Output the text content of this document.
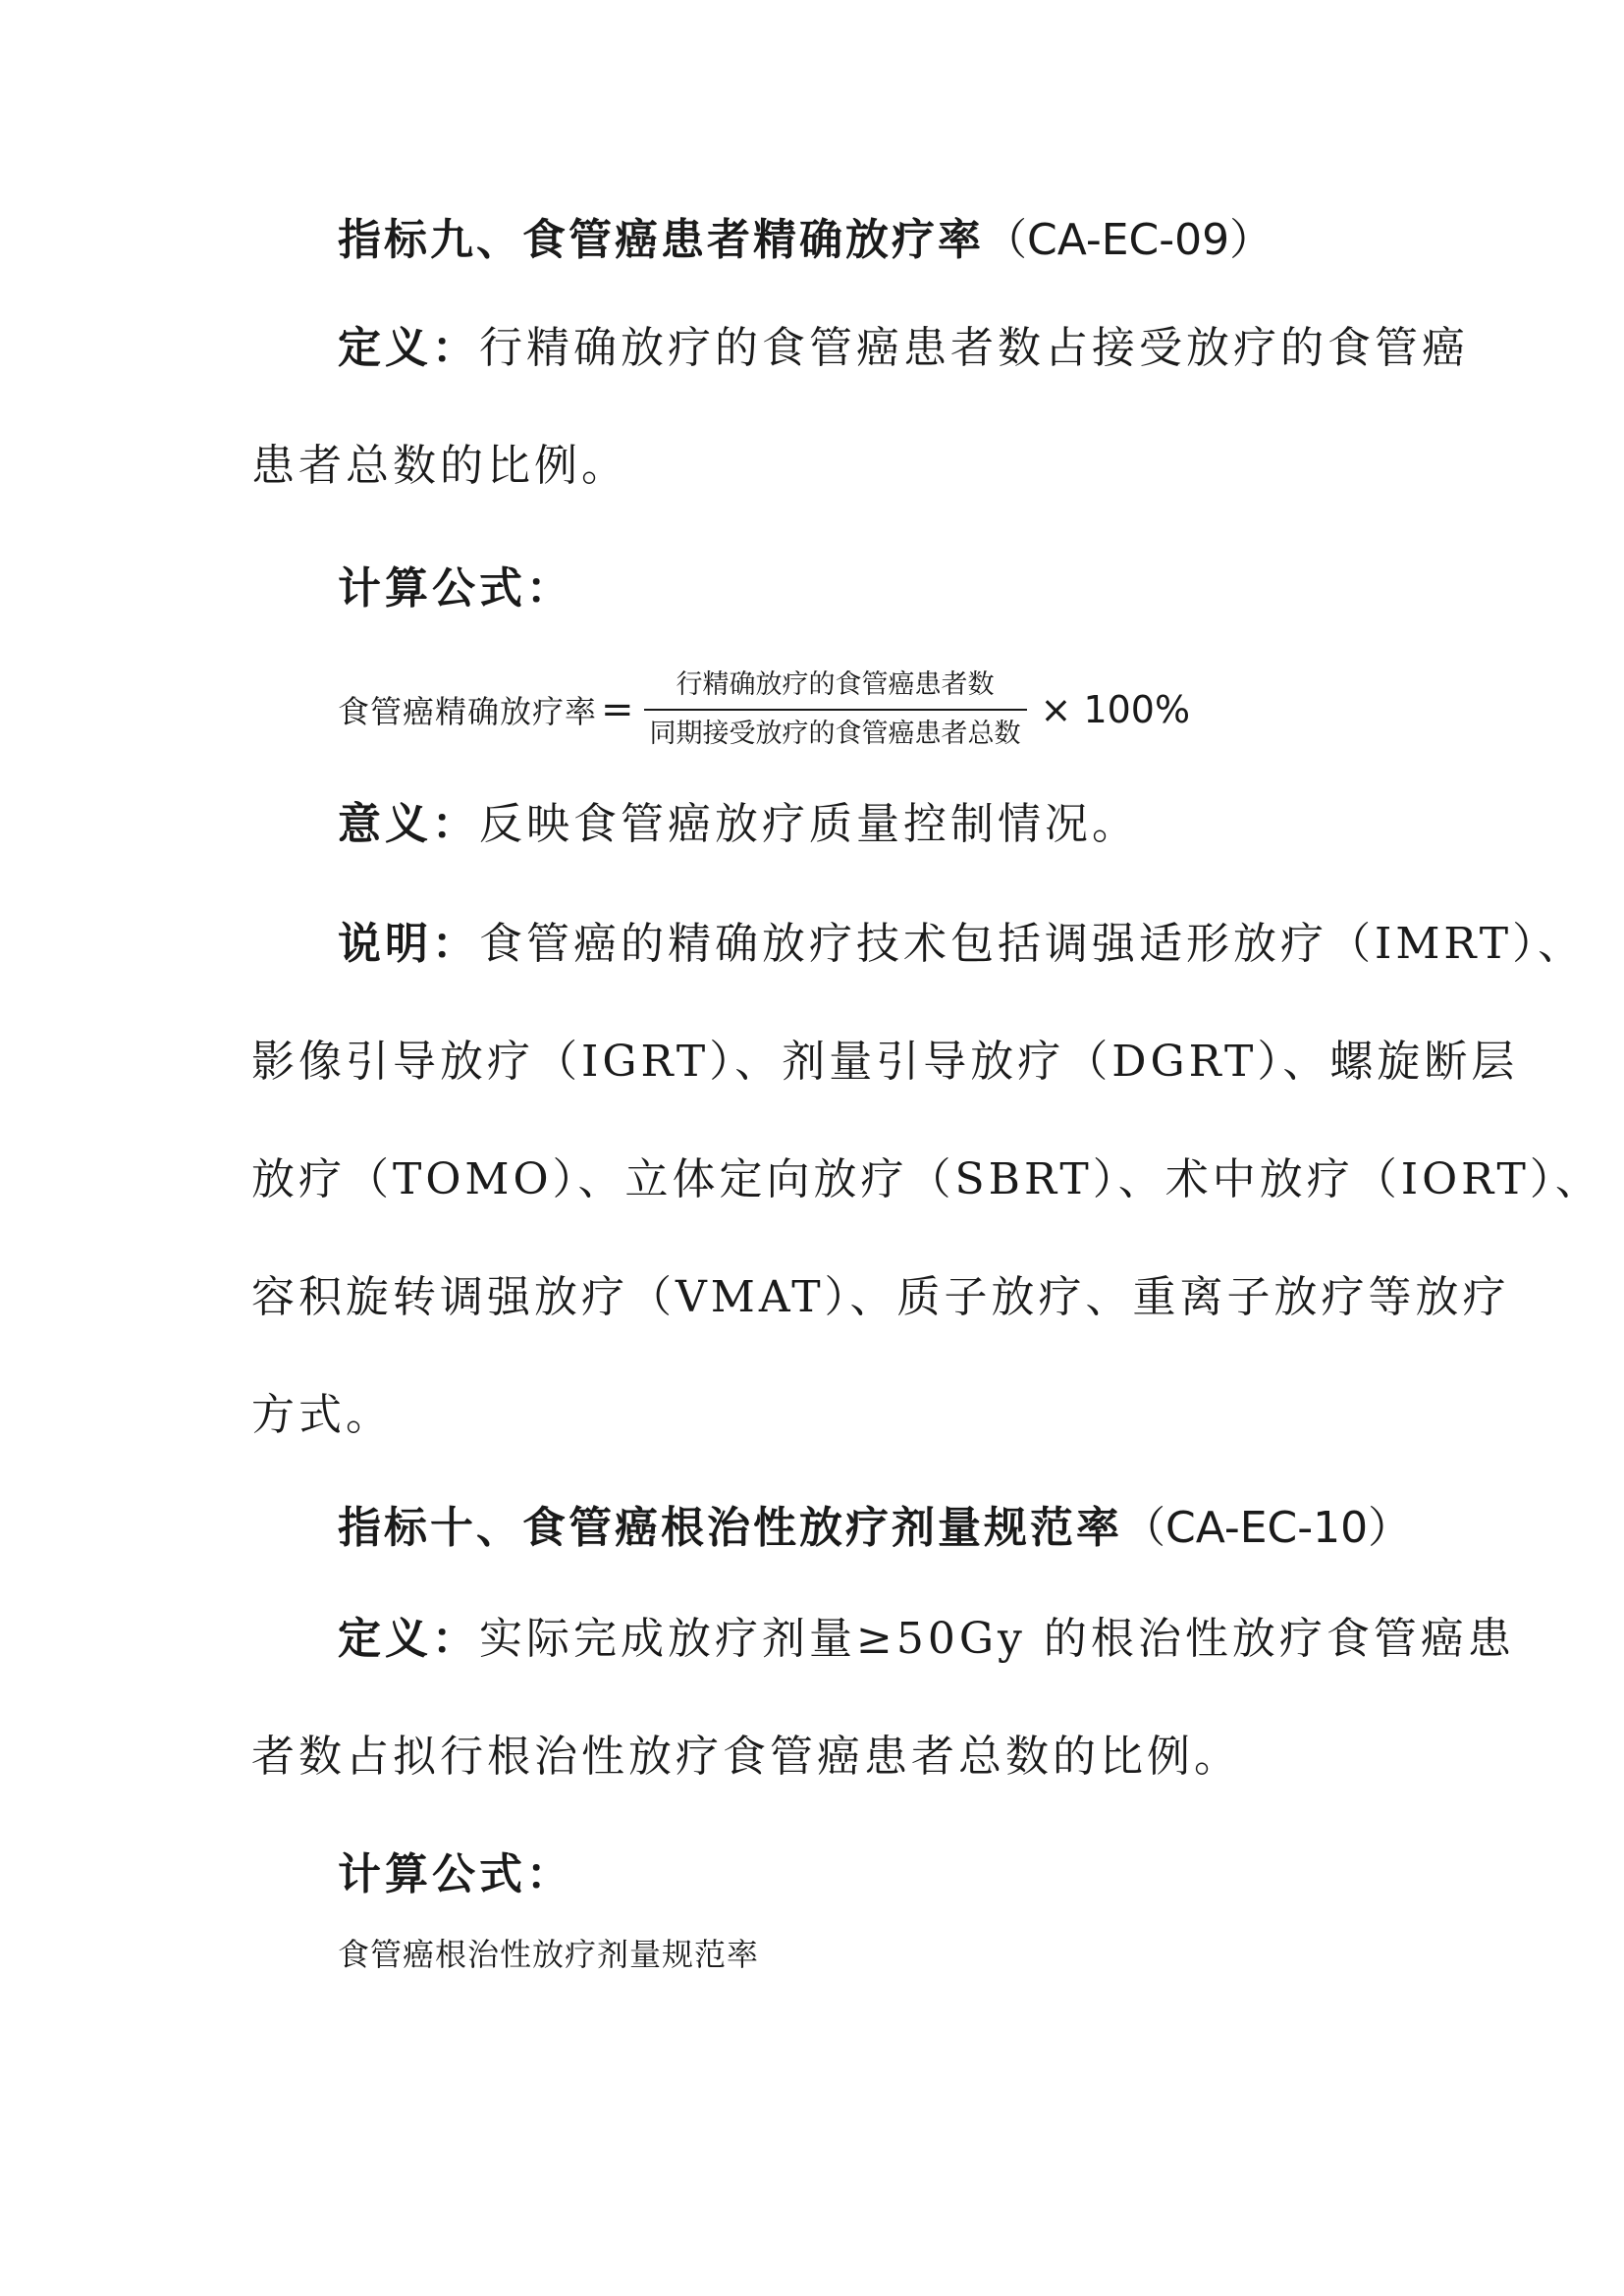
指标九、食管癌患者精确放疗率（CA-EC-09）
定义：行精确放疗的食管癌患者数占接受放疗的食管癌
患者总数的比例。
计算公式：
食管癌精确放疗率 = $\frac{\text{行精确放疗的食管癌患者数}}{\text{同期接受放疗的食管癌患者总数}} \times 100\%$
意义：反映食管癌放疗质量控制情况。
说明：食管癌的精确放疗技术包括调强适形放疗（IMRT）、
影像引导放疗（IGRT）、剂量引导放疗（DGRT）、螺旋断层
放疗（TOMO）、立体定向放疗（SBRT）、术中放疗（IORT）、
容积旋转调强放疗（VMAT）、质子放疗、重离子放疗等放疗
方式。
指标十、食管癌根治性放疗剂量规范率（CA-EC-10）
定义：实际完成放疗剂量≥50Gy 的根治性放疗食管癌患
者数占拟行根治性放疗食管癌患者总数的比例。
计算公式：
食管癌根治性放疗剂量规范率
